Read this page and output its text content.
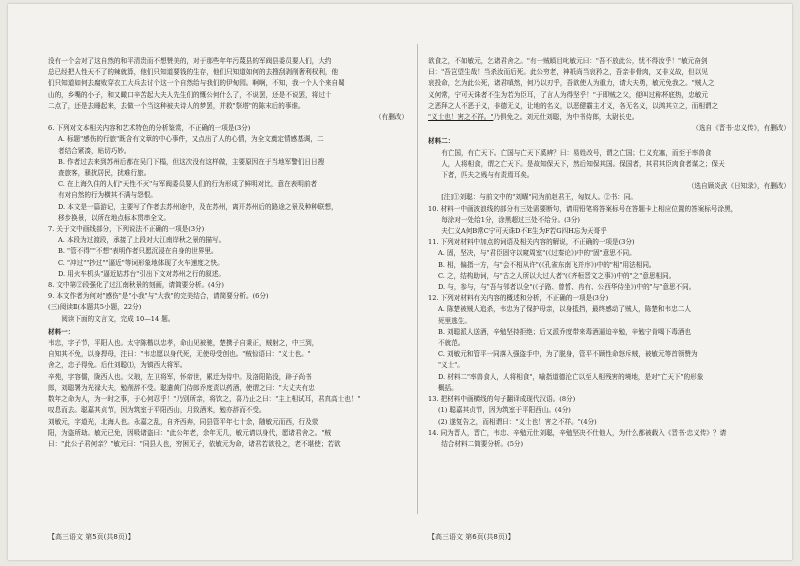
没有一个会对了这自然的和平清贵而不想赞美的，对于那些年年污蔑县的军阀县委员要人们，大约

总已经把人性天不了的辣就算，他们只知道要钱的生存，他们只知道如何的去搜刮剥削奢利权利，他

们只知道如何去腐败穿衣工大兵去讨个这一个自然给与我们的伊甸园。啊啊，不知，我一个人个来自蜀

山的，乡嘴的小子，和又瞰口辛苦起大夫人先生们的慨公何什么了，不说罢，还是不说罢，将过十

二点了，还是去睡起来，去做一个当这种被夫诗人的梦罢，并救"祭塔"的陈末后的事谁。

（有删改）

6. 下列对文本相关内容和艺术特色的分析鉴赏，不正确的一项是(3分)

A. 标题"感伤的行旅"既含有文章的中心事件，又点出了人的心情，为全文奠定情感基调，二

者结合紧凑，贴切巧妙。

B. 作者过去来到苏州后都在吴门下榻，但这次没有这样做，主要原因在于当地军警们日日搜

查旅客，骚扰居民，扰难行旅。

C. 在上海久住的人们"天性不灭"与军阀委员要人们的行为形成了鲜明对比，意在表明前者

有对自然的行为横其不满与怨恨。

D. 本文是一篇游记，主要写了作者去苏州途中，及在苏州，离开苏州后的路途之景及种种联想，

移步换景，以所在地点标本贯串全文。

7. 关于文中画线部分，下列说法不正确的一项是(3分)

A. 本段为过渡段，承接了上段对大江南岸秋之景的描写。

B. "管不得""不想"表明作者只愿沉浸在自身的世界里。

C. "冲过""抄过""逼近"等词形象地体现了火车速度之快。

D. 用火车机头"逼近姑苏台"引出下文对苏州之行的叙述。

8. 文中第②段强化了过江南秋景的刻画，请简要分析。(4分)

9. 本文作者为何对"感伤"是"小我"与"大我"的完美结合，请简要分析。(6分)

(三)阅读Ⅱ(本题共5小题，22分)

阅读下面的文言文，完成 10—14 题。

材料一：

韦忠，字子节，平阳人也。太守陈楷以忠孝，命山见被驰，楚携子自秉正，贼射之，中三到，

自知其不免，以身捍母，注曰："韦忠愿以身代死，无使母受创也。"贼惊语曰："义士也。"

舍之，忠子得免。后仕刘聪⑴，为镇西大将军。

辛苑，字容儒，陇西人也。父琅，左卫将军，怀帝世，累迁为侍中。及洛阳陷没，辟子尚书

郎，刘聪署为光禄大夫，勉削辞不受。聪遣黄门侍郎乔度责以药酒，使谓之曰："大丈夫有忠

数年之命为人，为一时之事，于心何忍乎！"乃别所亲，将饮之，喜乃止之曰："主上相试耳，君真高士也！"

叹息而去。聪嘉其贞节，因为筑室于平阳西山，月致酒米，勉亦辞而不受。

刘敏元，字道光，北海人也。永嘉之乱，自齐西奔，同县管平年七十余，随敏元而西，行及荥

阳，为盗所劫。敏元已免，因吸诸盗曰："此公年老，余年无几，敏元请以身代，愿诸君舍之。"贼

曰："此公子君何亲？"敏元曰："同县人也，穷困无子，依敏元为命，诸君若欲役之，老不堪使；若欲

欲食之，不如敏元，乞诸君舍之。"有一贼瞋目叱敏元曰："吾不放此公，忧不得汝乎！"敏元奋剑

曰："吾岂望生哉！当杀汝而后死。此公穷老，神祇尚当哀矜之，吾亲非骨肉，又非义故，但以见

哀投命，乞为此公死，诸君嗔然，何乃以刃乎，吾欲使人为重力，请大夫勇，敏元免我之。"贼人之

义何常，宁可天诛者不生为若为臣耳，了言人为得坚乎！"于即贼之父，便叫过称杯底热，忠敏元

之恶拜之人不恶于义，非德无义，让地的名义，以恶健霸主才义，各无名义，以鸿其立之，而相谓之

"义士也！害之不祥。"乃俱免之。刘元仕刘聪，为中书侍郎，太尉长史。

（选自《晋书·忠义传》，有删改）

材料二：

有亡国，有亡天下。亡国与亡天下奚辨？曰：易姓改号，谓之亡国；仁义充塞，而至于率兽食

人，人将相食，谓之亡天下。是故知保天下，然后知保其国。保国者，其君其臣肉食者谋之；保天

下者，匹夫之贱与有责焉耳矣。

（选自顾炎武《日知录》，有删改）

[注]①刘聪：与前文中的"刘曜"同为前赵君王，匈奴人。②书：同。

10. 材料一中画波浪线的部分有三处需要断句，请用铅笔将答案标号在答题卡上相应位置的答案标号涂黑，

每涂对一处给1分，涂黑超过三处不给分。(3分)

夫仁义A何B常C宁可天诛D不E生为F若G四H忘为天哥乎

11. 下列对材料中加点的词语及相关内容的解说，不正确的一项是(3分)

A. 固，坚决，与"君臣固守以窥周室"(《过秦论》)中的"固"意思不同。

B. 相，偏指一方，与"会不相从许"(《孔雀东南飞并序》)中的"相"用法相同。

C. 之，结构助词，与"古之人所以大过人者"(《齐桓晋文之事》)中的"之"意思相同。

D. 与，参与，与"吾与邻者以全"(《子路、曾皙、冉有、公西华侍坐》)中的"与"意思不同。

12. 下列对材料有关内容的概述和分析，不正确的一项是(3分)

A. 陈楚被贼人追杀，韦忠为了保护母亲，以身抵挡，最终感动了贼人，陈楚和韦忠二人

死里逃生。

B. 刘聪派人送酒，辛勉坚持拒绝；后又派乔度带来毒酒逼迫辛勉，辛勉宁肯喝下毒酒也

不就范。

C. 刘敏元和管平一同落入强盗手中，为了脱身，管平不顾性命怒斥贼，被敏元等首领赞为

"义士"。

D. 材料二"率兽食人，人将相食"，喻指道德沦亡以至人相残害的境地，是对"亡天下"的形象

概括。

13. 把材料中画横线的句子翻译成现代汉语。(8分)

(1) 聪嘉其贞节，因为筑室于平阳西山。(4分)

(2) 遂复告之，而相谓曰："义士也！害之不祥。"(4分)

14. 同为晋人，晋亡，韦忠、辛勉元仕刘聪，辛勉坚决不仕他人，为什么都被载入《晋书·忠义传》？请

结合材料二简要分析。(5分)

【高三语文 第5页(共8页)】	【高三语文 第6页(共8页)】
